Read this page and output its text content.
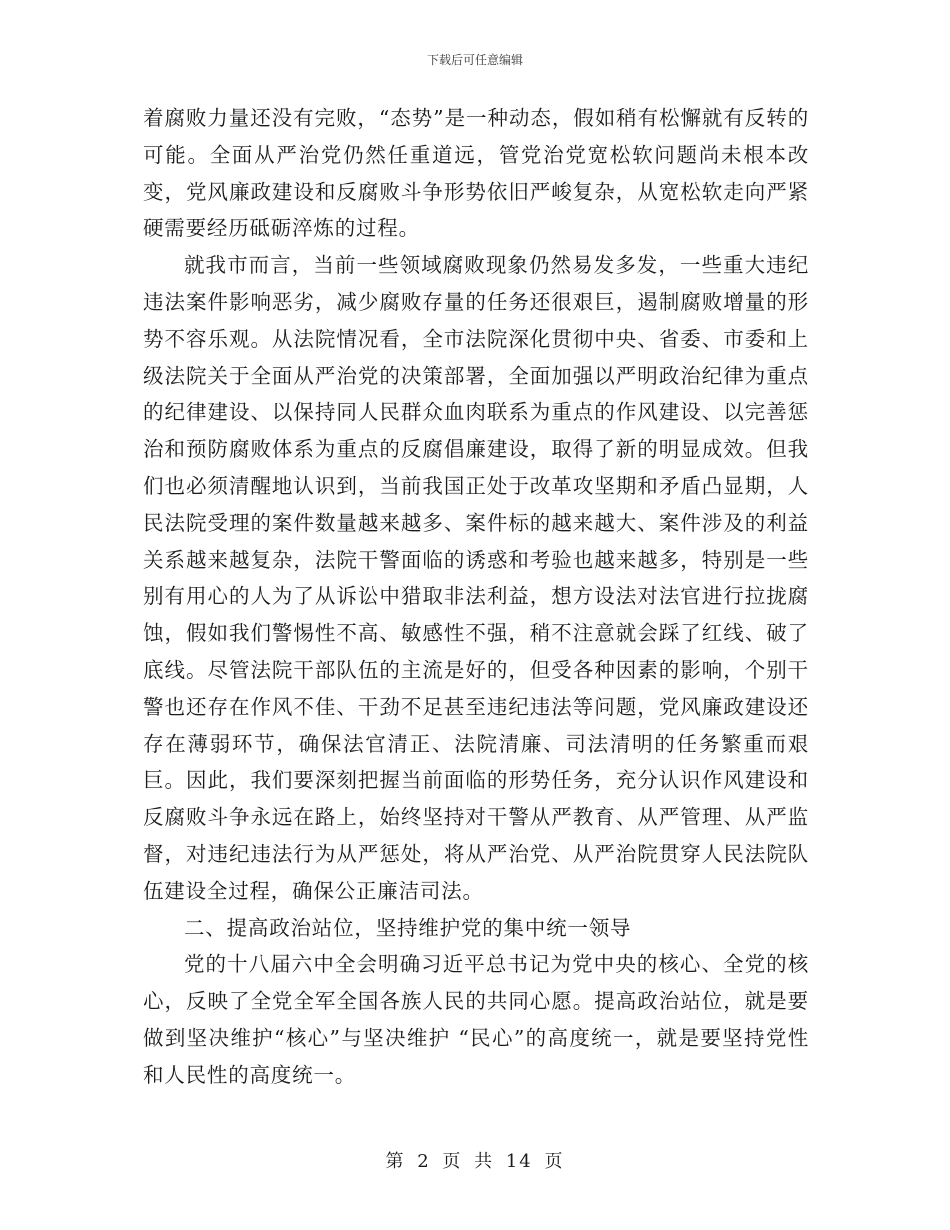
下载后可任意编辑

着腐败力量还没有完败，“态势”是一种动态，假如稍有松懈就有反转的可能。全面从严治党仍然任重道远，管党治党宽松软问题尚未根本改变，党风廉政建设和反腐败斗争形势依旧严峻复杂，从宽松软走向严紧硬需要经历砥砺淬炼的过程。

就我市而言，当前一些领域腐败现象仍然易发多发，一些重大违纪违法案件影响恶劣，减少腐败存量的任务还很艰巨，遏制腐败增量的形势不容乐观。从法院情况看，全市法院深化贯彻中央、省委、市委和上级法院关于全面从严治党的决策部署，全面加强以严明政治纪律为重点的纪律建设、以保持同人民群众血肉联系为重点的作风建设、以完善惩治和预防腐败体系为重点的反腐倡廉建设，取得了新的明显成效。但我们也必须清醒地认识到，当前我国正处于改革攻坚期和矛盾凸显期，人民法院受理的案件数量越来越多、案件标的越来越大、案件涉及的利益关系越来越复杂，法院干警面临的诱惑和考验也越来越多，特别是一些别有用心的人为了从诉讼中猎取非法利益，想方设法对法官进行拉拢腐蚀，假如我们警惕性不高、敏感性不强，稍不注意就会踩了红线、破了底线。尽管法院干部队伍的主流是好的，但受各种因素的影响，个别干警也还存在作风不佳、干劲不足甚至违纪违法等问题，党风廉政建设还存在薄弱环节，确保法官清正、法院清廉、司法清明的任务繁重而艰巨。因此，我们要深刻把握当前面临的形势任务，充分认识作风建设和反腐败斗争永远在路上，始终坚持对干警从严教育、从严管理、从严监督，对违纪违法行为从严惩处，将从严治党、从严治院贯穿人民法院队伍建设全过程，确保公正廉洁司法。

二、提高政治站位，坚持维护党的集中统一领导

党的十八届六中全会明确习近平总书记为党中央的核心、全党的核心，反映了全党全军全国各族人民的共同心愿。提高政治站位，就是要做到坚决维护“核心”与坚决维护 “民心”的高度统一，就是要坚持党性和人民性的高度统一。

第 2 页 共 14 页
